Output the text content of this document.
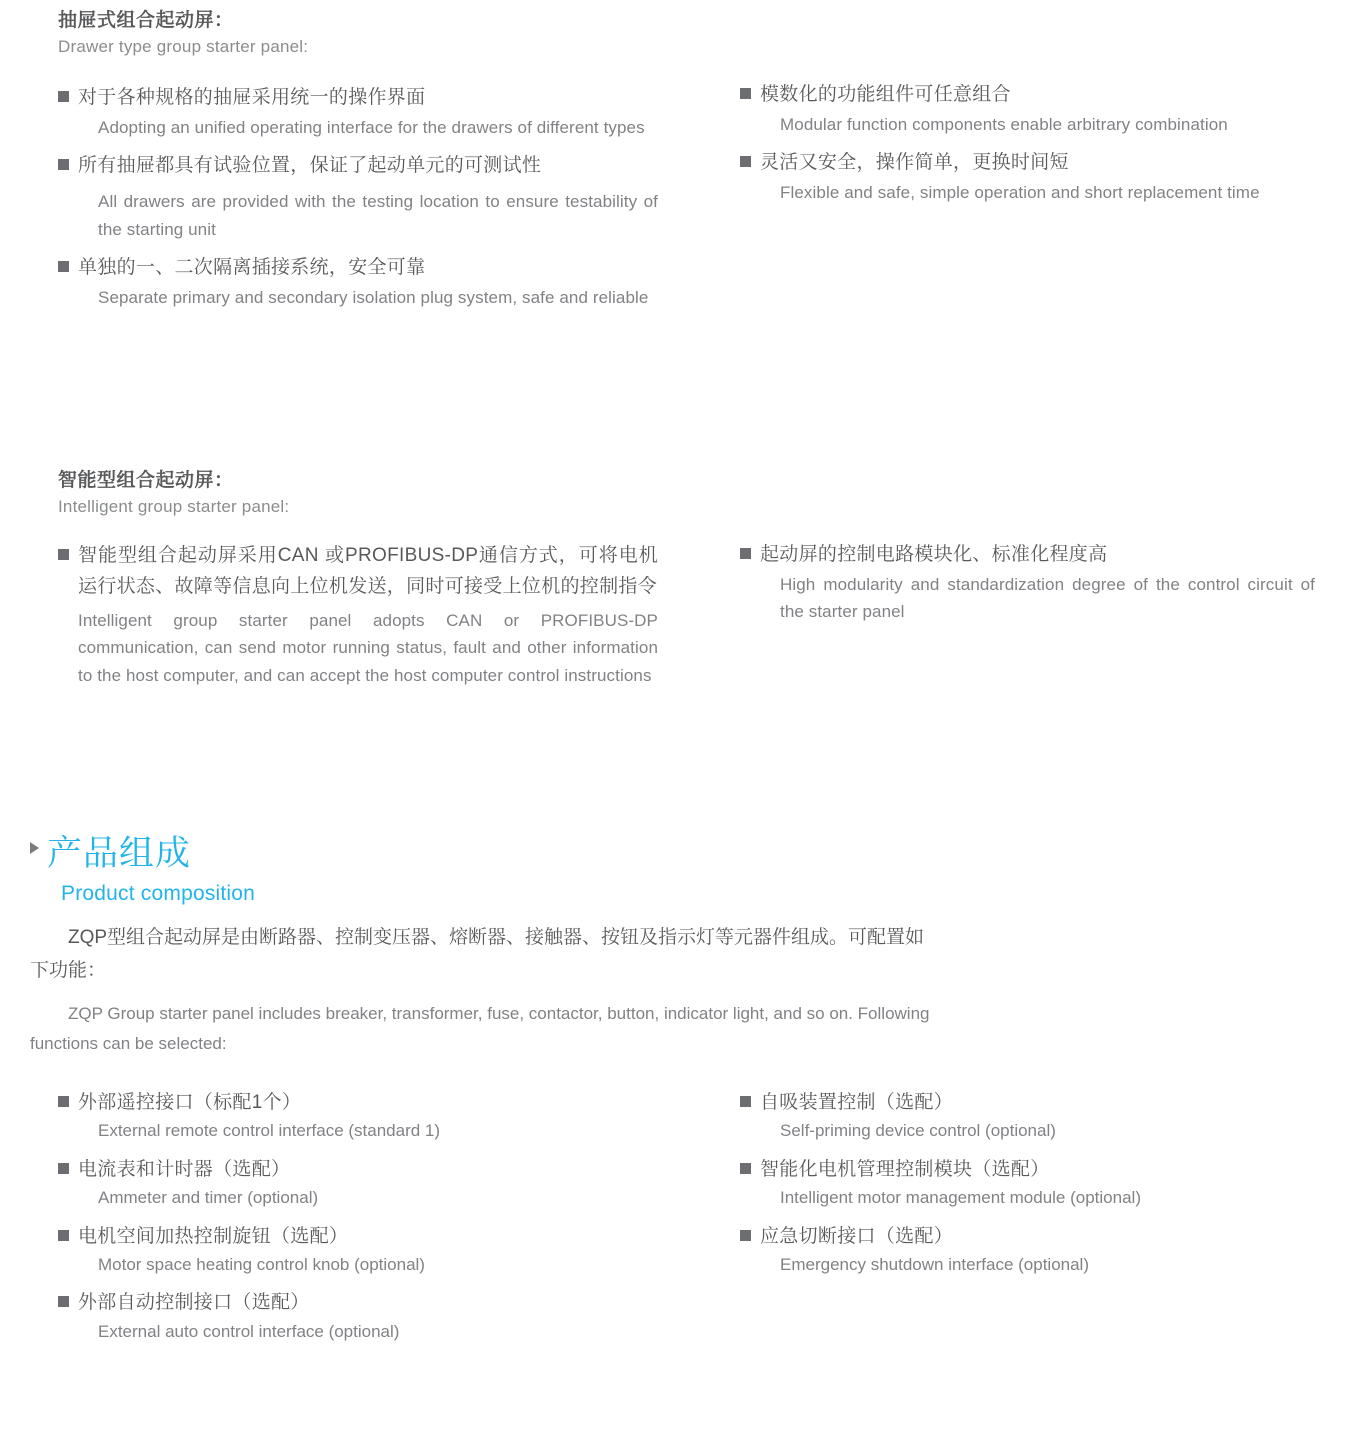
抽屉式组合起动屏：
Drawer type group starter panel:
对于各种规格的抽屉采用统一的操作界面
Adopting an unified operating interface for the drawers of different types
所有抽屉都具有试验位置，保证了起动单元的可测试性
All drawers are provided with the testing location to ensure testability of the starting unit
单独的一、二次隔离插接系统，安全可靠
Separate primary and secondary isolation plug system, safe and reliable
智能型组合起动屏：
Intelligent group starter panel:
智能型组合起动屏采用CAN 或PROFIBUS-DP通信方式，可将电机运行状态、故障等信息向上位机发送，同时可接受上位机的控制指令
Intelligent group starter panel adopts CAN or PROFIBUS-DP communication, can send motor running status, fault and other information to the host computer, and can accept the host computer control instructions
模数化的功能组件可任意组合
Modular function components enable arbitrary combination
灵活又安全，操作简单，更换时间短
Flexible and safe, simple operation and short replacement time
起动屏的控制电路模块化、标准化程度高
High modularity and standardization degree of the control circuit of the starter panel
产品组成
Product composition

ZQP型组合起动屏是由断路器、控制变压器、熔断器、接触器、按钮及指示灯等元器件组成。可配置如下功能：

ZQP Group starter panel includes breaker, transformer, fuse, contactor, button, indicator light, and so on. Following functions can be selected:

外部遥控接口（标配1个）
External remote control interface (standard 1)
电流表和计时器（选配）
Ammeter and timer (optional)
电机空间加热控制旋钮（选配）
Motor space heating control knob (optional)
外部自动控制接口（选配）
External auto control interface (optional)
自吸装置控制（选配）
Self-priming device control (optional)
智能化电机管理控制模块（选配）
Intelligent motor management module (optional)
应急切断接口（选配）
Emergency shutdown interface (optional)
